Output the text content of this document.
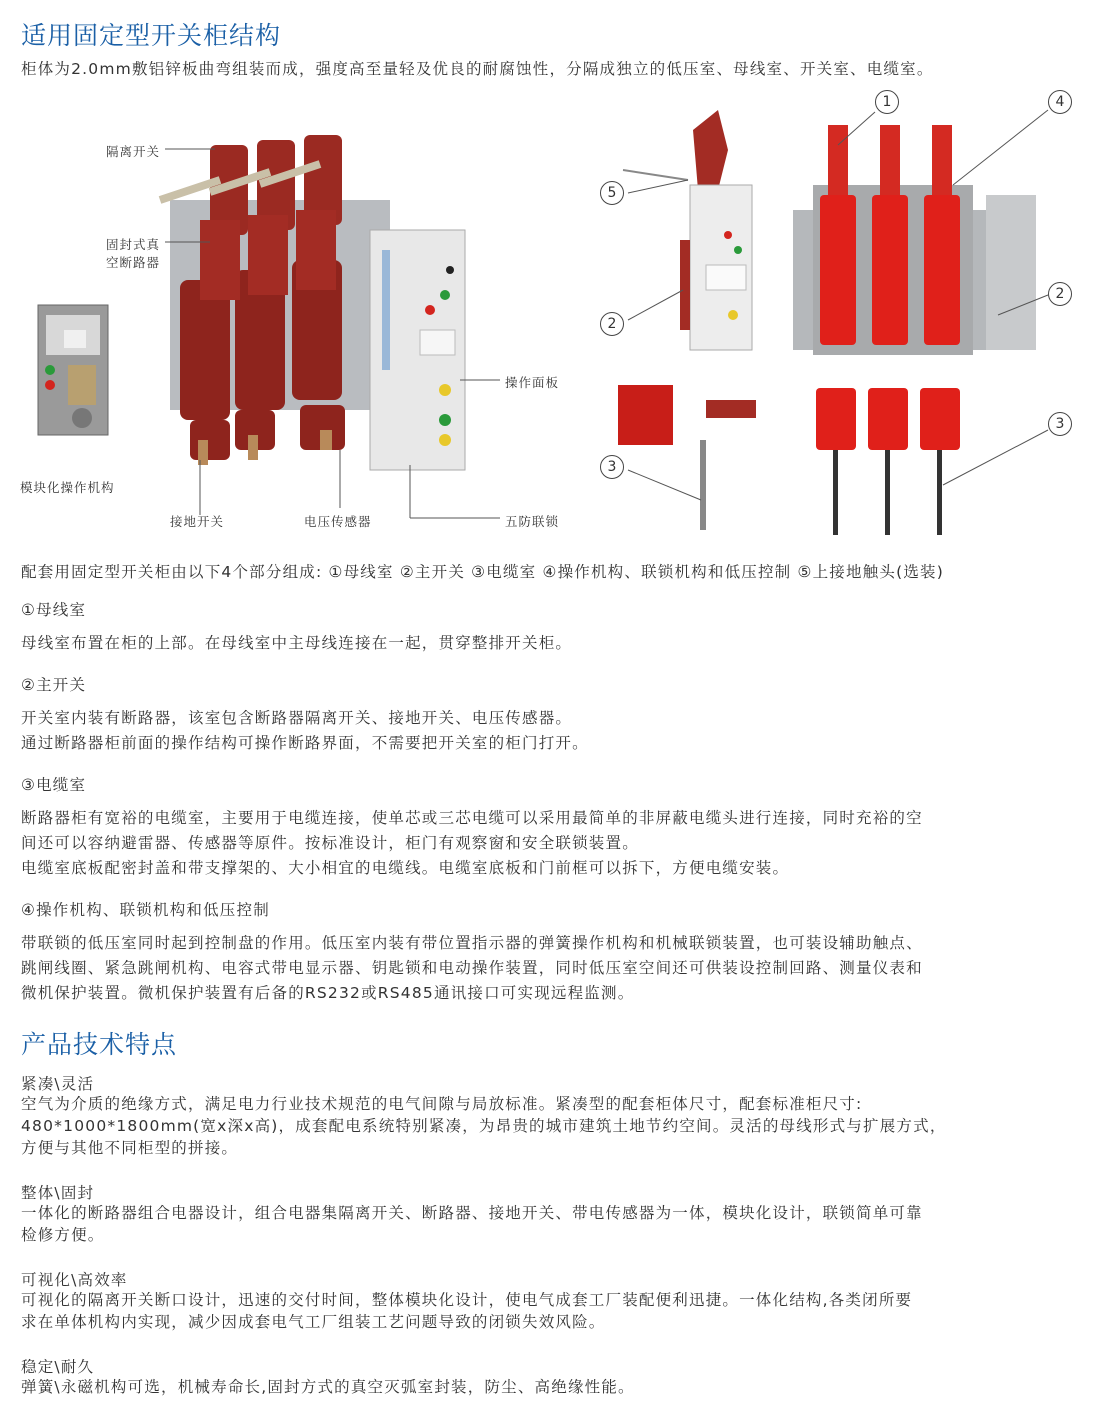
适用固定型开关柜结构
柜体为2.0mm敷铝锌板曲弯组装而成，强度高至量轻及优良的耐腐蚀性，分隔成独立的低压室、母线室、开关室、电缆室。
隔离开关
固封式真
空断路器
操作面板
模块化操作机构
接地开关	电压传感器	五防联锁
1	4
5
2
2
3
3
配套用固定型开关柜由以下4个部分组成: ①母线室 ②主开关 ③电缆室 ④操作机构、联锁机构和低压控制 ⑤上接地触头(选装)
①母线室
母线室布置在柜的上部。在母线室中主母线连接在一起，贯穿整排开关柜。
②主开关
开关室内装有断路器，该室包含断路器隔离开关、接地开关、电压传感器。
通过断路器柜前面的操作结构可操作断路界面，不需要把开关室的柜门打开。
③电缆室
断路器柜有宽裕的电缆室，主要用于电缆连接，使单芯或三芯电缆可以采用最简单的非屏蔽电缆头进行连接，同时充裕的空
间还可以容纳避雷器、传感器等原件。按标准设计，柜门有观察窗和安全联锁装置。
电缆室底板配密封盖和带支撑架的、大小相宜的电缆线。电缆室底板和门前框可以拆下，方便电缆安装。
④操作机构、联锁机构和低压控制
带联锁的低压室同时起到控制盘的作用。低压室内装有带位置指示器的弹簧操作机构和机械联锁装置，也可装设辅助触点、
跳闸线圈、紧急跳闸机构、电容式带电显示器、钥匙锁和电动操作装置，同时低压室空间还可供装设控制回路、测量仪表和
微机保护装置。微机保护装置有后备的RS232或RS485通讯接口可实现远程监测。
产品技术特点
紧凑\灵活
空气为介质的绝缘方式，满足电力行业技术规范的电气间隙与局放标准。紧凑型的配套柜体尺寸，配套标准柜尺寸:
480*1000*1800mm(宽x深x高)，成套配电系统特别紧凑，为昂贵的城市建筑土地节约空间。灵活的母线形式与扩展方式，
方便与其他不同柜型的拼接。
整体\固封
一体化的断路器组合电器设计，组合电器集隔离开关、断路器、接地开关、带电传感器为一体，模块化设计，联锁简单可靠
检修方便。
可视化\高效率
可视化的隔离开关断口设计，迅速的交付时间，整体模块化设计，使电气成套工厂装配便利迅捷。一体化结构,各类闭所要
求在单体机构内实现，减少因成套电气工厂组装工艺问题导致的闭锁失效风险。
稳定\耐久
弹簧\永磁机构可选，机械寿命长,固封方式的真空灭弧室封装，防尘、高绝缘性能。
